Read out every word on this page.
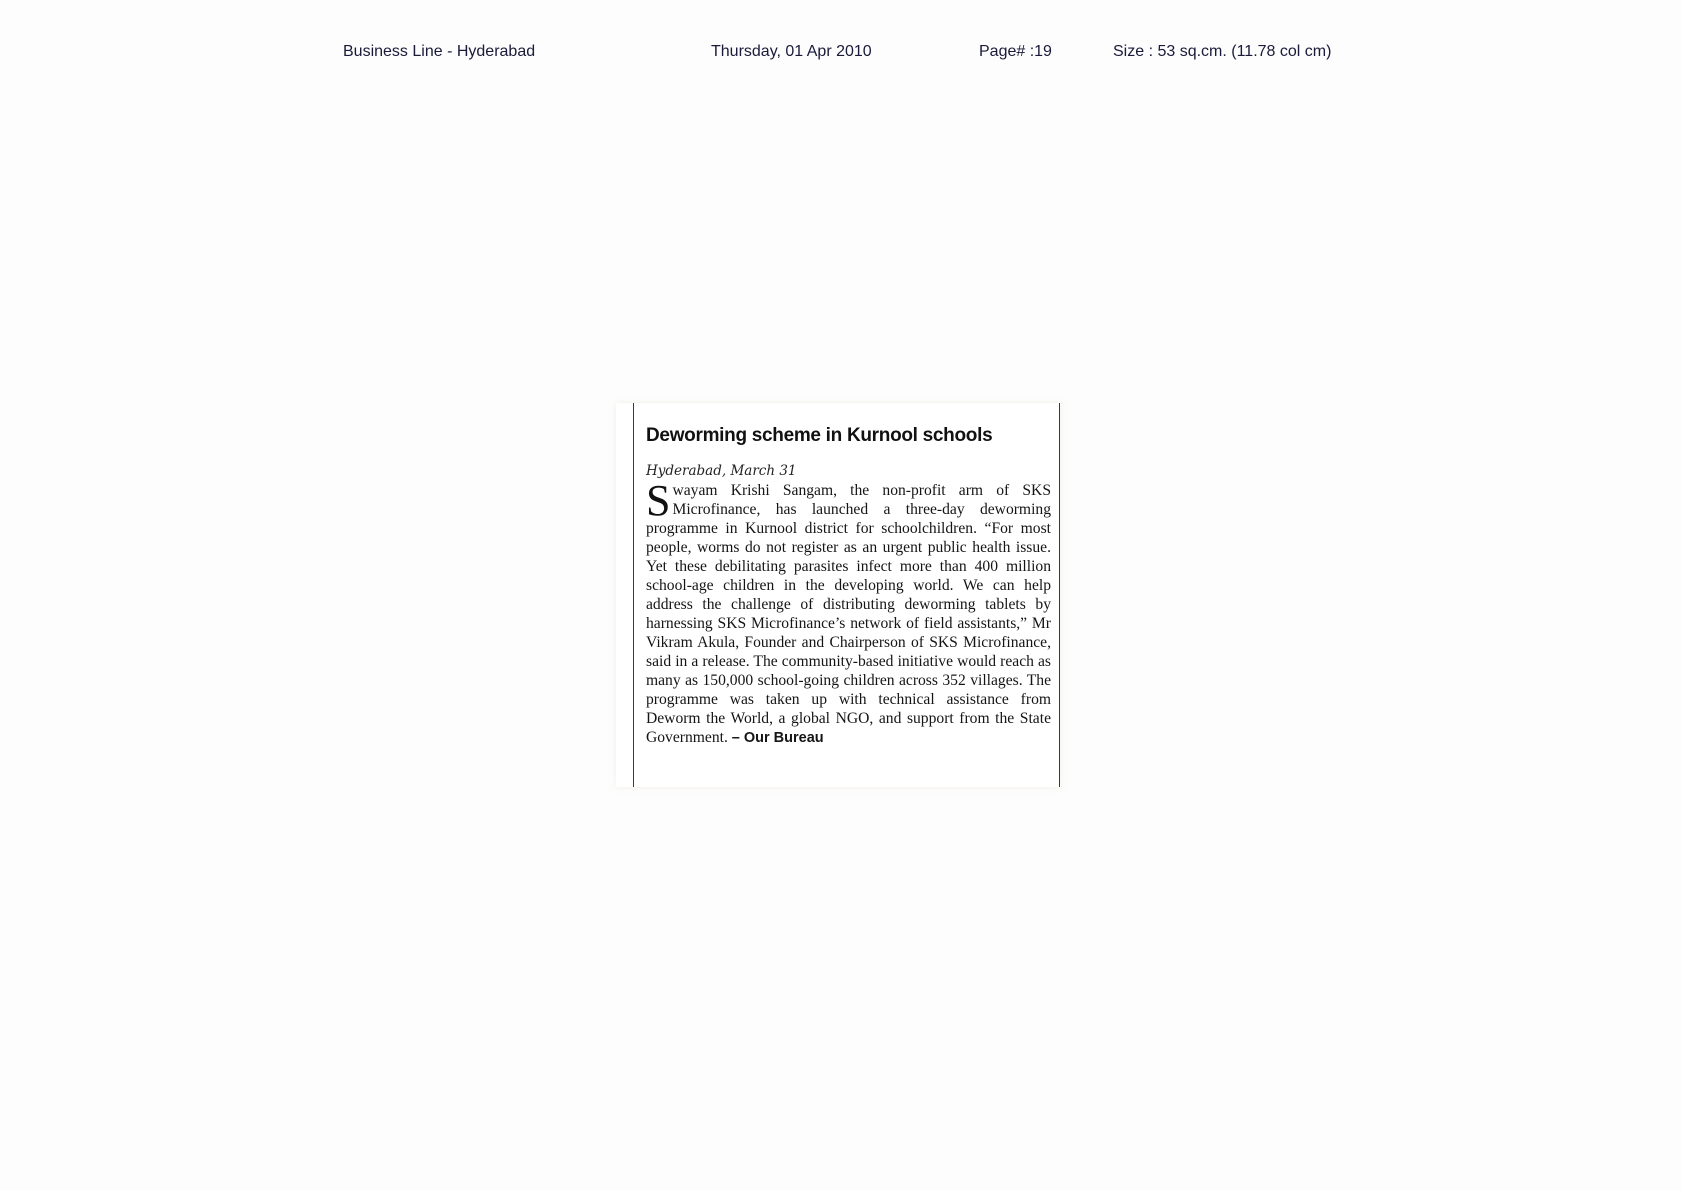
Business Line - Hyderabad	Thursday, 01 Apr 2010	Page# :19	Size : 53 sq.cm. (11.78 col cm)
Deworming scheme in Kurnool schools
Hyderabad, March 31

Swayam Krishi Sangam, the non-profit arm of SKS Microfinance, has launched a three-day deworming programme in Kurnool district for schoolchildren. “For most people, worms do not register as an urgent public health issue. Yet these debilitating parasites infect more than 400 million school-age children in the developing world. We can help address the challenge of distributing deworming tablets by harnessing SKS Microfinance’s network of field assistants,” Mr Vikram Akula, Founder and Chairperson of SKS Microfinance, said in a release. The community-based initiative would reach as many as 150,000 school-going children across 352 villages. The programme was taken up with technical assistance from Deworm the World, a global NGO, and support from the State Government. – Our Bureau
